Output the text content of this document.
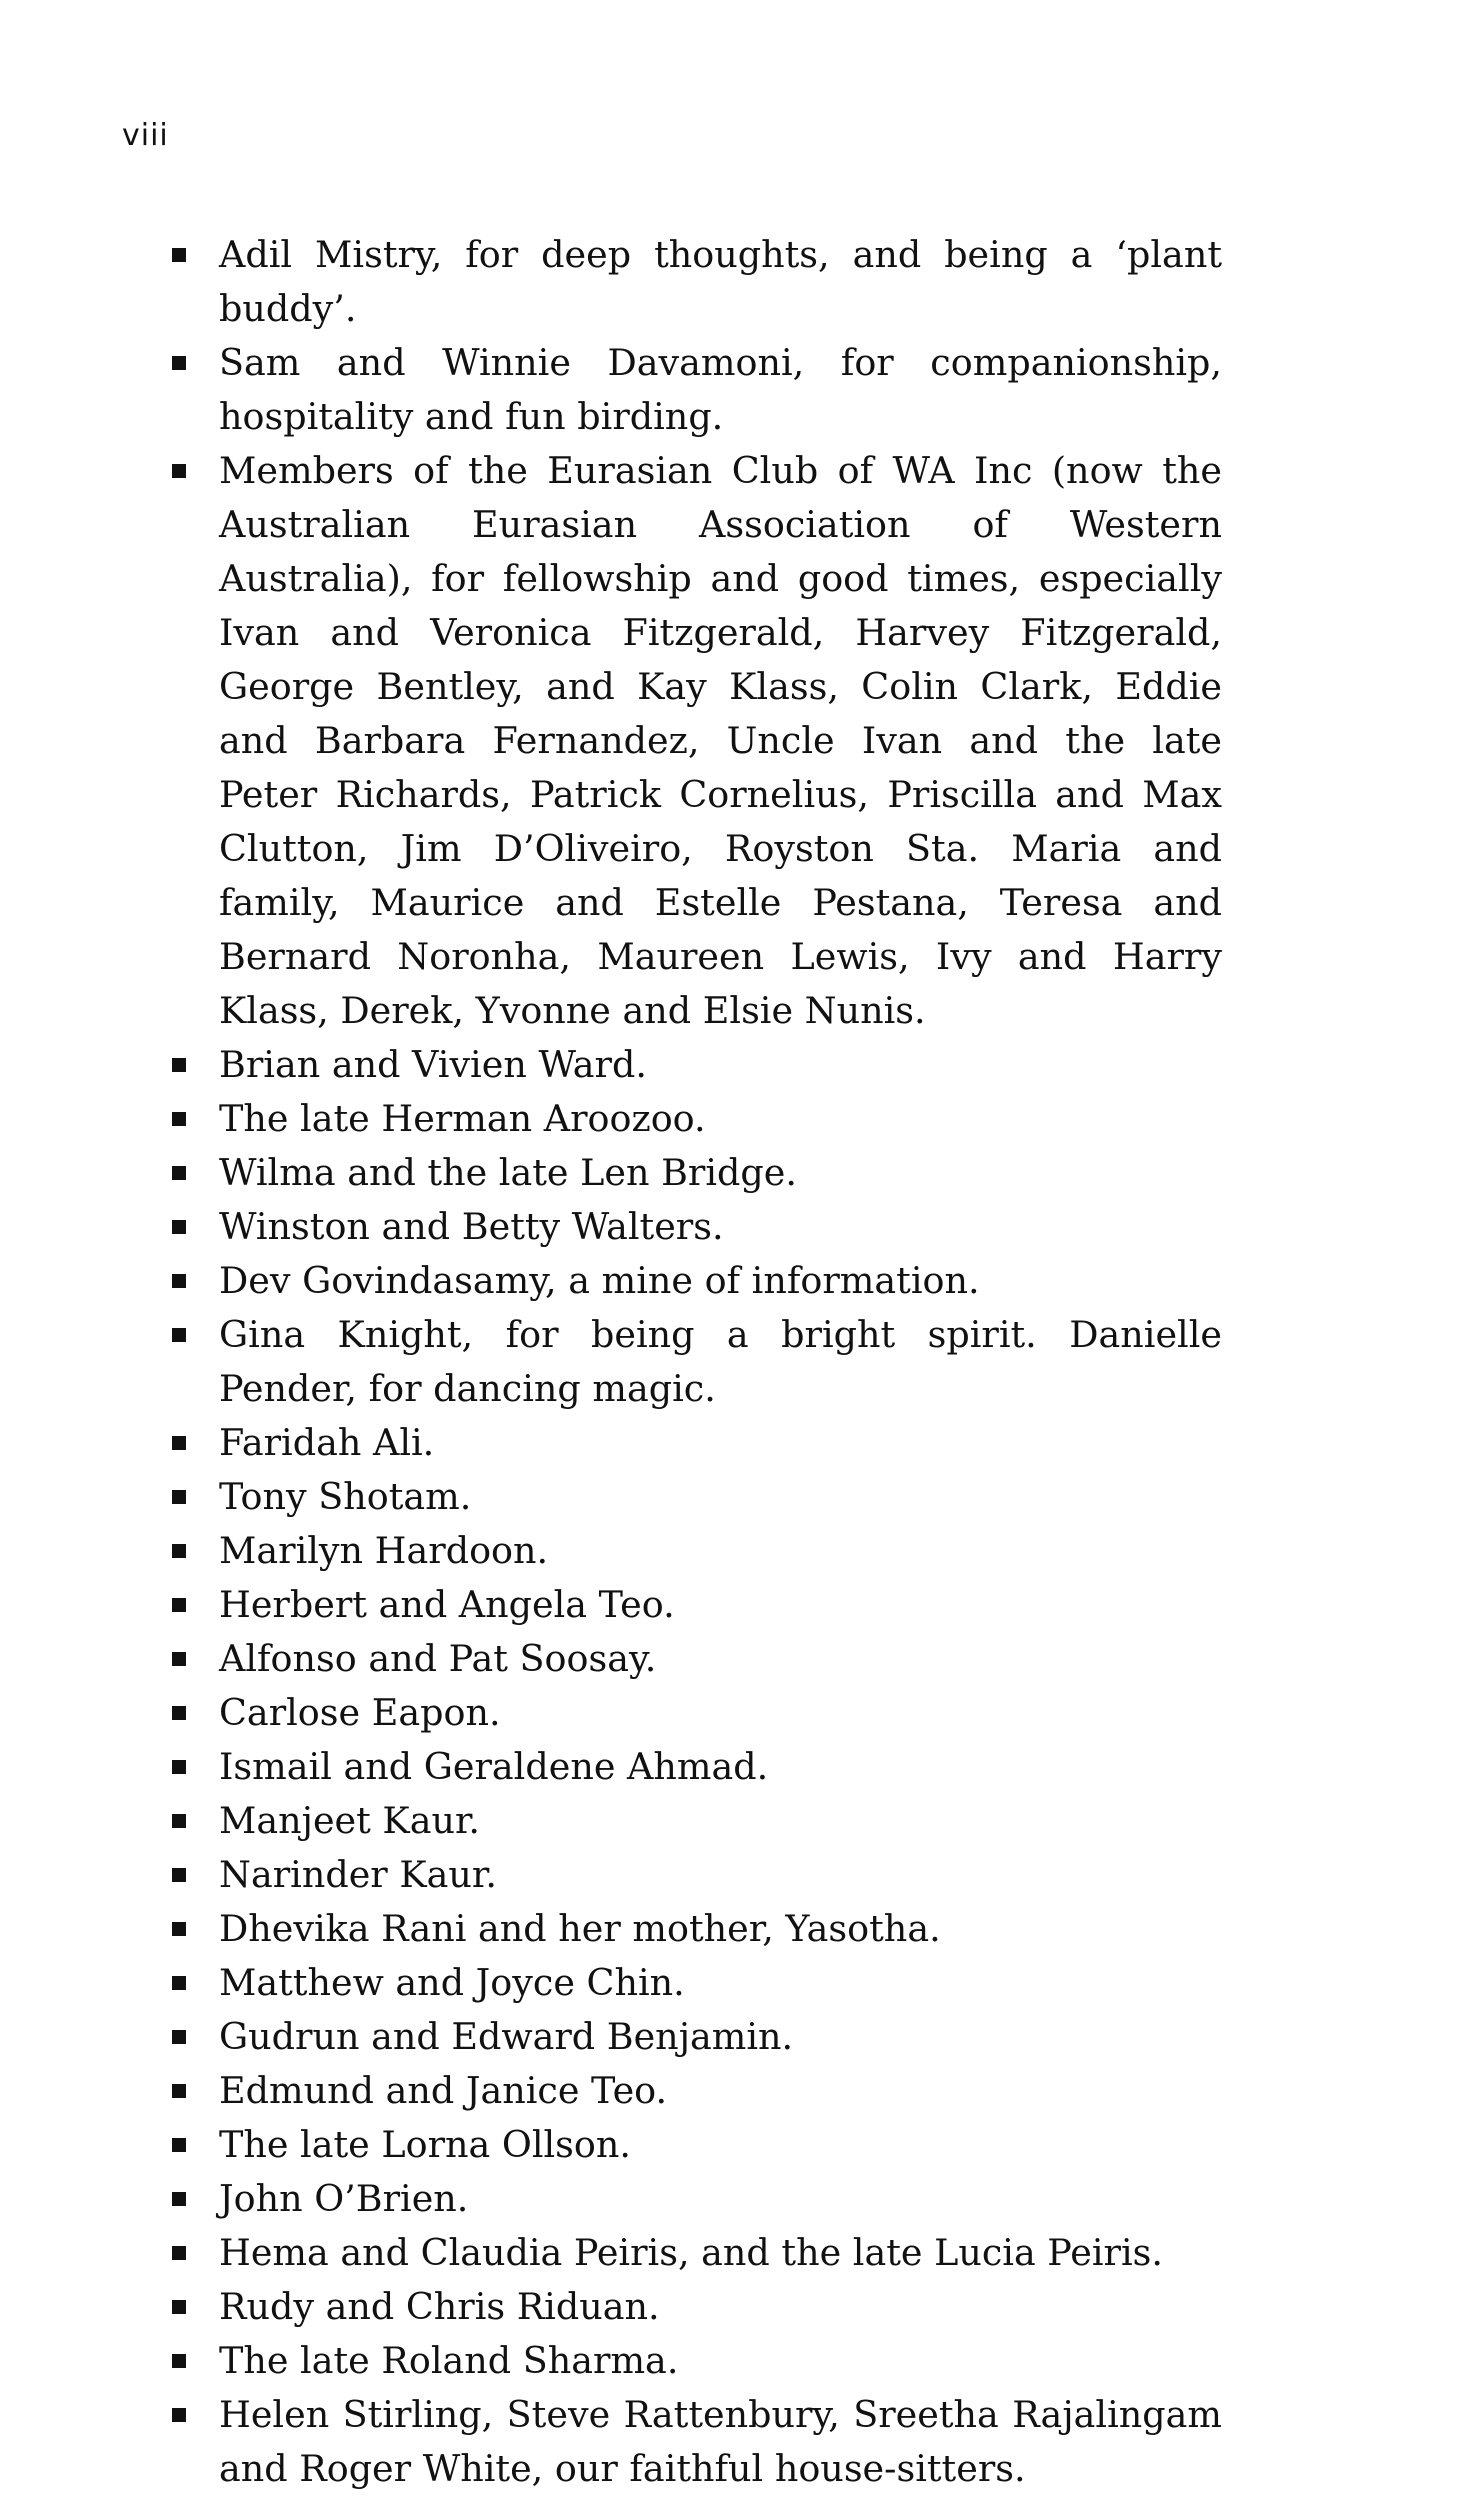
viii
Adil Mistry, for deep thoughts, and being a ‘plant buddy’.
Sam and Winnie Davamoni, for companionship, hospitality and fun birding.
Members of the Eurasian Club of WA Inc (now the Australian Eurasian Association of Western Australia), for fellowship and good times, especially Ivan and Veronica Fitzgerald, Harvey Fitzgerald, George Bentley, and Kay Klass, Colin Clark, Eddie and Barbara Fernandez, Uncle Ivan and the late Peter Richards, Patrick Cornelius, Priscilla and Max Clutton, Jim D’Oliveiro, Royston Sta. Maria and family, Maurice and Estelle Pestana, Teresa and Bernard Noronha, Maureen Lewis, Ivy and Harry Klass, Derek, Yvonne and Elsie Nunis.
Brian and Vivien Ward.
The late Herman Aroozoo.
Wilma and the late Len Bridge.
Winston and Betty Walters.
Dev Govindasamy, a mine of information.
Gina Knight, for being a bright spirit. Danielle Pender, for dancing magic.
Faridah Ali.
Tony Shotam.
Marilyn Hardoon.
Herbert and Angela Teo.
Alfonso and Pat Soosay.
Carlose Eapon.
Ismail and Geraldene Ahmad.
Manjeet Kaur.
Narinder Kaur.
Dhevika Rani and her mother, Yasotha.
Matthew and Joyce Chin.
Gudrun and Edward Benjamin.
Edmund and Janice Teo.
The late Lorna Ollson.
John O’Brien.
Hema and Claudia Peiris, and the late Lucia Peiris.
Rudy and Chris Riduan.
The late Roland Sharma.
Helen Stirling, Steve Rattenbury, Sreetha Rajalingam and Roger White, our faithful house-sitters.
